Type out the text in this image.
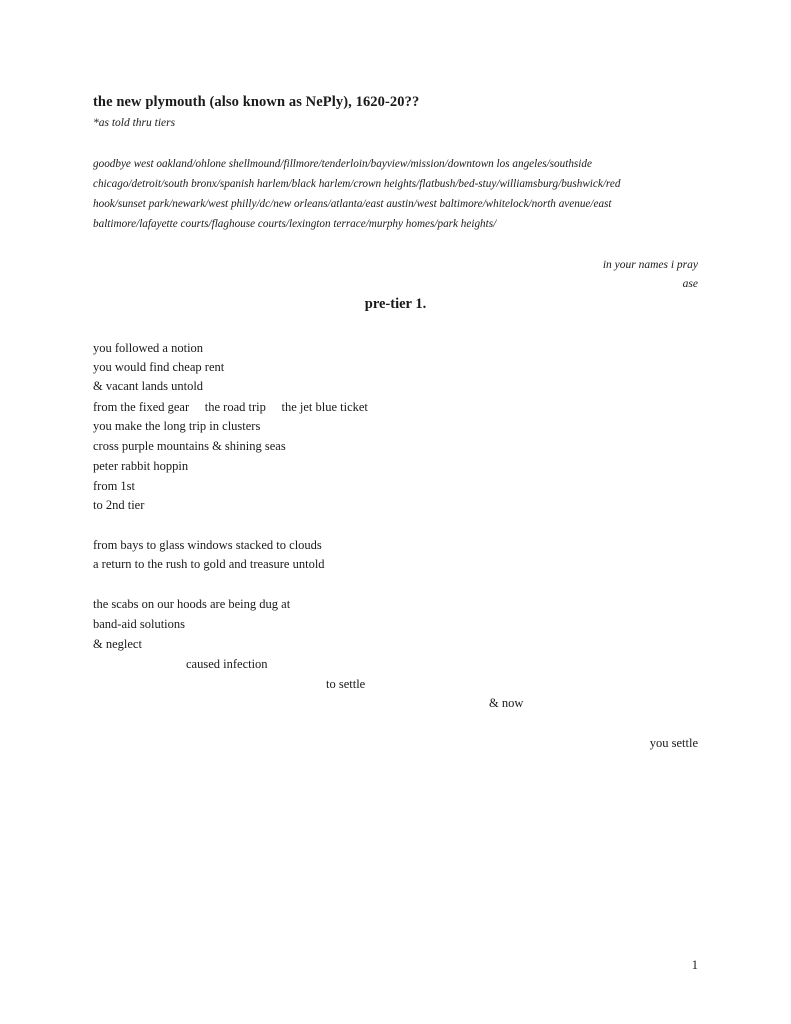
the new plymouth (also known as NePly), 1620-20??
*as told thru tiers
goodbye west oakland/ohlone shellmound/fillmore/tenderloin/bayview/mission/downtown los angeles/southside
chicago/detroit/south bronx/spanish harlem/black harlem/crown heights/flatbush/bed-stuy/williamsburg/bushwick/red
hook/sunset park/newark/west philly/dc/new orleans/atlanta/east austin/west baltimore/whitelock/north avenue/east
baltimore/lafayette courts/flaghouse courts/lexington terrace/murphy homes/park heights/
in your names i pray
ase
pre-tier 1.
you followed a notion
you would find cheap rent
& vacant lands untold
from the fixed gear     the road trip     the jet blue ticket
you make the long trip in clusters
cross purple mountains & shining seas
peter rabbit hoppin
from 1st
to 2nd tier
from bays to glass windows stacked to clouds
a return to the rush to gold and treasure untold
the scabs on our hoods are being dug at
band-aid solutions
& neglect
caused infection
to settle
& now
you settle
1
